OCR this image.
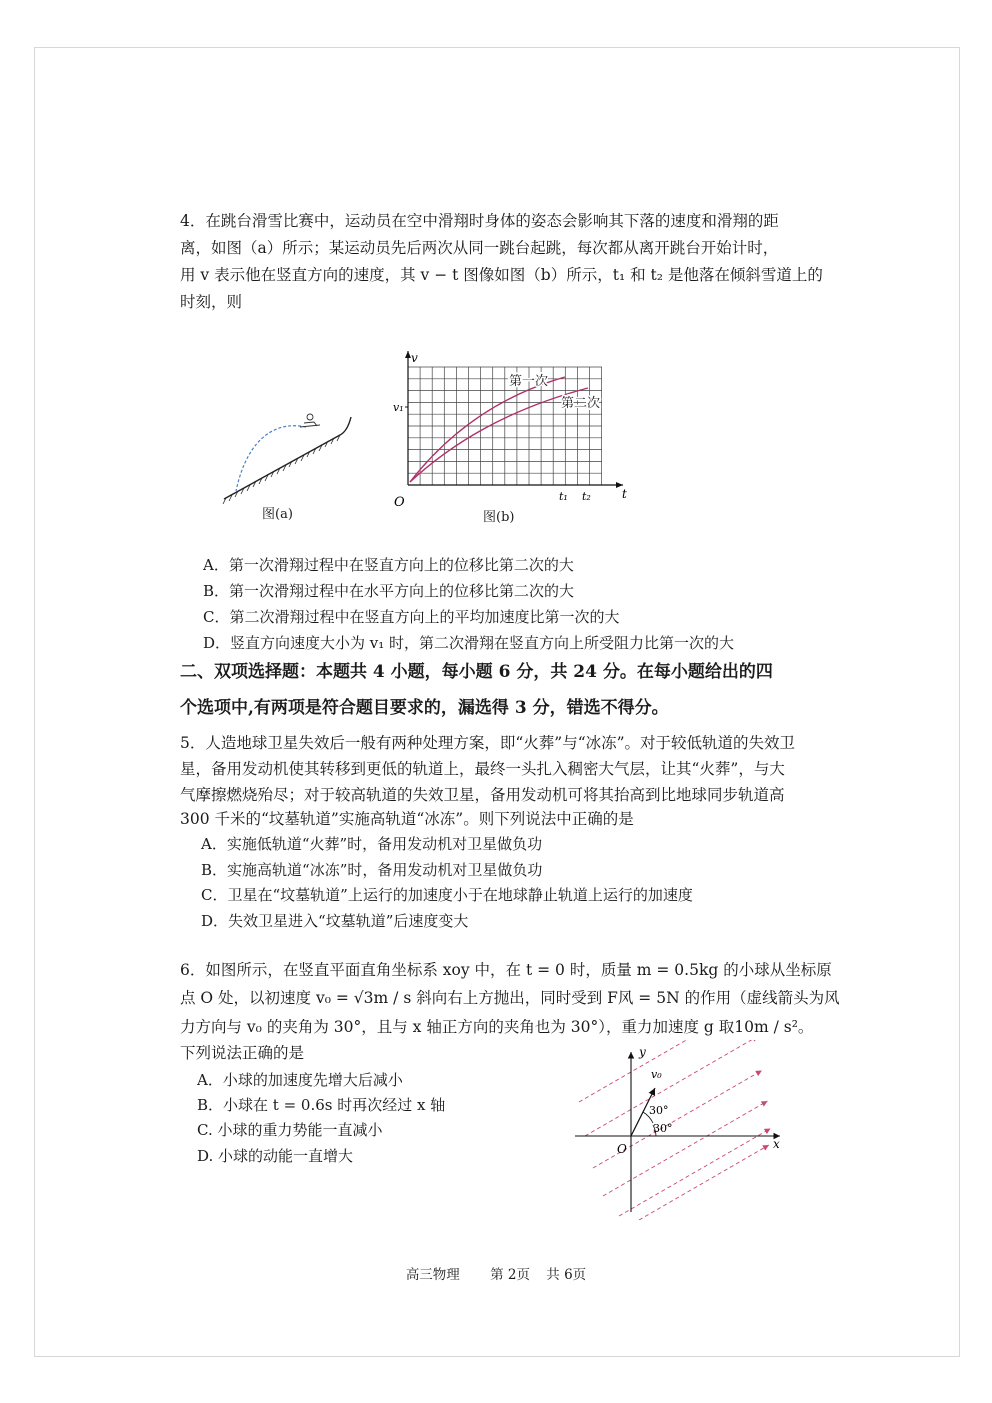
4．在跳台滑雪比赛中，运动员在空中滑翔时身体的姿态会影响其下落的速度和滑翔的距
离，如图（a）所示；某运动员先后两次从同一跳台起跳，每次都从离开跳台开始计时，
用 v 表示他在竖直方向的速度，其 v − t 图像如图（b）所示，t₁ 和 t₂ 是他落在倾斜雪道上的
时刻，则
图(a)
v
t
O
v₁
t₁ t₂
第一次
第二次
图(b)
A．第一次滑翔过程中在竖直方向上的位移比第二次的大
B．第一次滑翔过程中在水平方向上的位移比第二次的大
C．第二次滑翔过程中在竖直方向上的平均加速度比第一次的大
D．竖直方向速度大小为 v₁ 时，第二次滑翔在竖直方向上所受阻力比第一次的大
二、双项选择题：本题共 4 小题，每小题 6 分，共 24 分。在每小题给出的四
个选项中,有两项是符合题目要求的，漏选得 3 分，错选不得分。
5．人造地球卫星失效后一般有两种处理方案，即“火葬”与“冰冻”。对于较低轨道的失效卫
星，备用发动机使其转移到更低的轨道上，最终一头扎入稠密大气层，让其“火葬”，与大
气摩擦燃烧殆尽；对于较高轨道的失效卫星，备用发动机可将其抬高到比地球同步轨道高
300 千米的“坟墓轨道”实施高轨道“冰冻”。则下列说法中正确的是
A．实施低轨道“火葬”时，备用发动机对卫星做负功
B．实施高轨道“冰冻”时，备用发动机对卫星做负功
C．卫星在“坟墓轨道”上运行的加速度小于在地球静止轨道上运行的加速度
D．失效卫星进入“坟墓轨道”后速度变大
6．如图所示，在竖直平面直角坐标系 xoy 中，在 t = 0 时，质量 m = 0.5kg 的小球从坐标原
点 O 处，以初速度 v₀ = √3m / s 斜向右上方抛出，同时受到 F风 = 5N 的作用（虚线箭头为风
力方向与 v₀ 的夹角为 30°，且与 x 轴正方向的夹角也为 30°），重力加速度 g 取10m / s²。
下列说法正确的是
A．小球的加速度先增大后减小
B．小球在 t = 0.6s 时再次经过 x 轴
C. 小球的重力势能一直减小
D. 小球的动能一直增大
y
x
O
v₀
30°
30°
高三物理 第 2页 共 6页
